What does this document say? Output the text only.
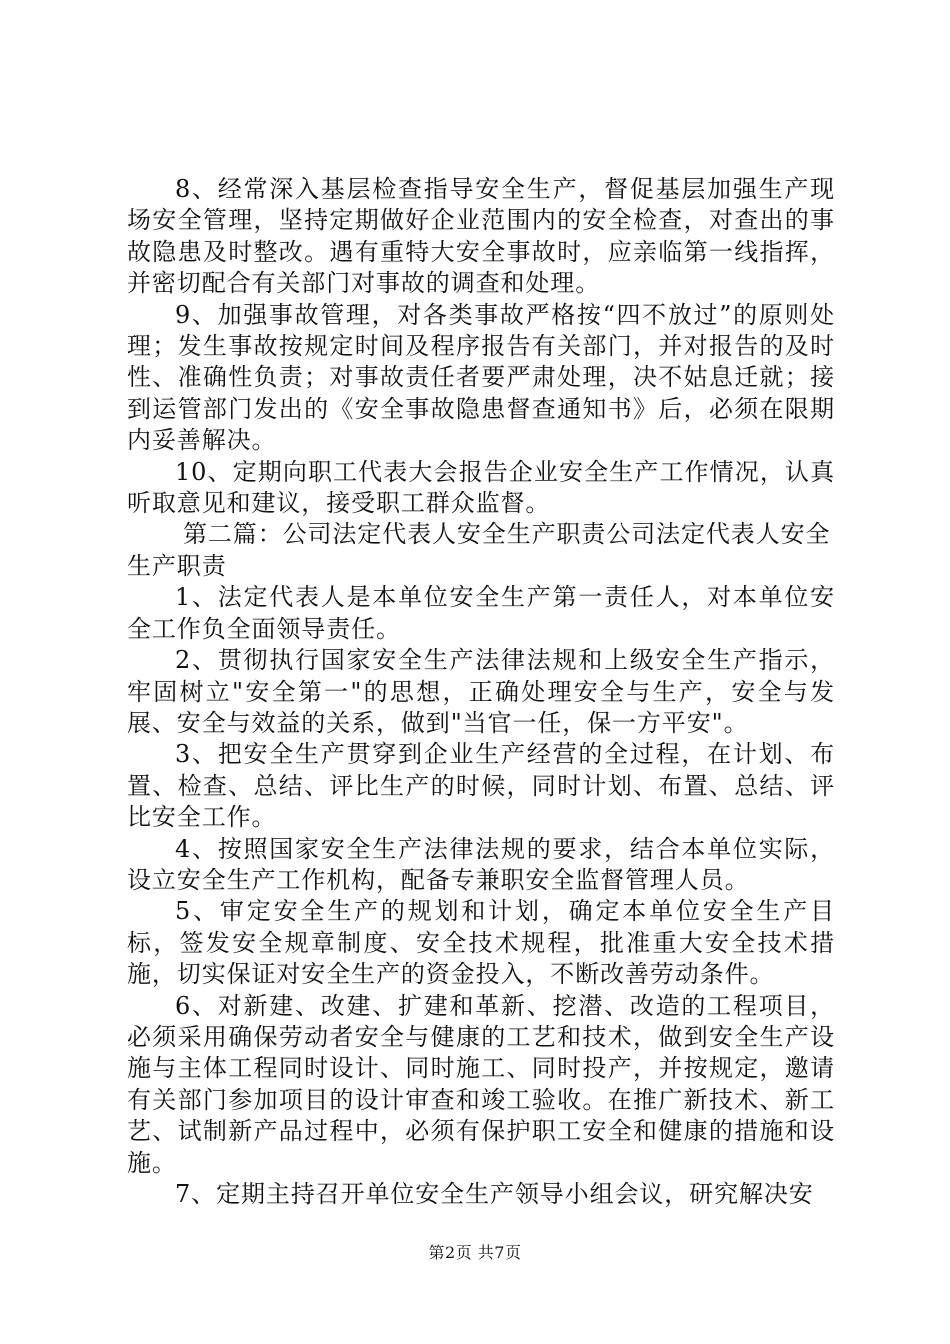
8、经常深入基层检查指导安全生产，督促基层加强生产现场安全管理，坚持定期做好企业范围内的安全检查，对查出的事故隐患及时整改。遇有重特大安全事故时，应亲临第一线指挥，并密切配合有关部门对事故的调查和处理。

9、加强事故管理，对各类事故严格按“四不放过”的原则处理；发生事故按规定时间及程序报告有关部门，并对报告的及时性、准确性负责；对事故责任者要严肃处理，决不姑息迁就；接到运管部门发出的《安全事故隐患督查通知书》后，必须在限期内妥善解决。

10、定期向职工代表大会报告企业安全生产工作情况，认真听取意见和建议，接受职工群众监督。

第二篇：公司法定代表人安全生产职责公司法定代表人安全生产职责

1、法定代表人是本单位安全生产第一责任人，对本单位安全工作负全面领导责任。

2、贯彻执行国家安全生产法律法规和上级安全生产指示，牢固树立"安全第一"的思想，正确处理安全与生产，安全与发展、安全与效益的关系，做到"当官一任，保一方平安"。

3、把安全生产贯穿到企业生产经营的全过程，在计划、布置、检查、总结、评比生产的时候，同时计划、布置、总结、评比安全工作。

4、按照国家安全生产法律法规的要求，结合本单位实际，设立安全生产工作机构，配备专兼职安全监督管理人员。

5、审定安全生产的规划和计划，确定本单位安全生产目标，签发安全规章制度、安全技术规程，批准重大安全技术措施，切实保证对安全生产的资金投入，不断改善劳动条件。

6、对新建、改建、扩建和革新、挖潜、改造的工程项目，必须采用确保劳动者安全与健康的工艺和技术，做到安全生产设施与主体工程同时设计、同时施工、同时投产，并按规定，邀请有关部门参加项目的设计审查和竣工验收。在推广新技术、新工艺、试制新产品过程中，必须有保护职工安全和健康的措施和设施。

7、定期主持召开单位安全生产领导小组会议，研究解决安

第2页 共7页
